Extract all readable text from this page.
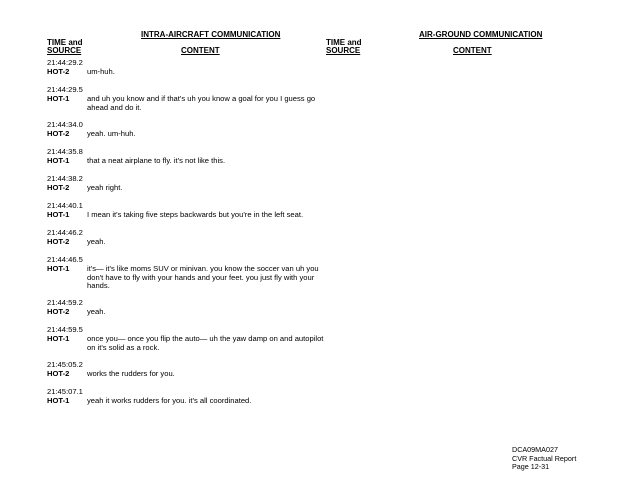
INTRA-AIRCRAFT COMMUNICATION	AIR-GROUND COMMUNICATION
TIME and
SOURCE	CONTENT
TIME and
SOURCE	CONTENT
21:44:29.2
HOT-2 um-huh.
21:44:29.5
HOT-1 and uh you know and if that's uh you know a goal for you I guess go ahead and do it.
21:44:34.0
HOT-2 yeah. um-huh.
21:44:35.8
HOT-1 that a neat airplane to fly. it's not like this.
21:44:38.2
HOT-2 yeah right.
21:44:40.1
HOT-1 I mean it's taking five steps backwards but you're in the left seat.
21:44:46.2
HOT-2 yeah.
21:44:46.5
HOT-1 it's— it's like moms SUV or minivan. you know the soccer van uh you don't have to fly with your hands and your feet. you just fly with your hands.
21:44:59.2
HOT-2 yeah.
21:44:59.5
HOT-1 once you— once you flip the auto— uh the yaw damp on and autopilot on it's solid as a rock.
21:45:05.2
HOT-2 works the rudders for you.
21:45:07.1
HOT-1 yeah it works rudders for you. it's all coordinated.
DCA09MA027
CVR Factual Report
Page 12-31
